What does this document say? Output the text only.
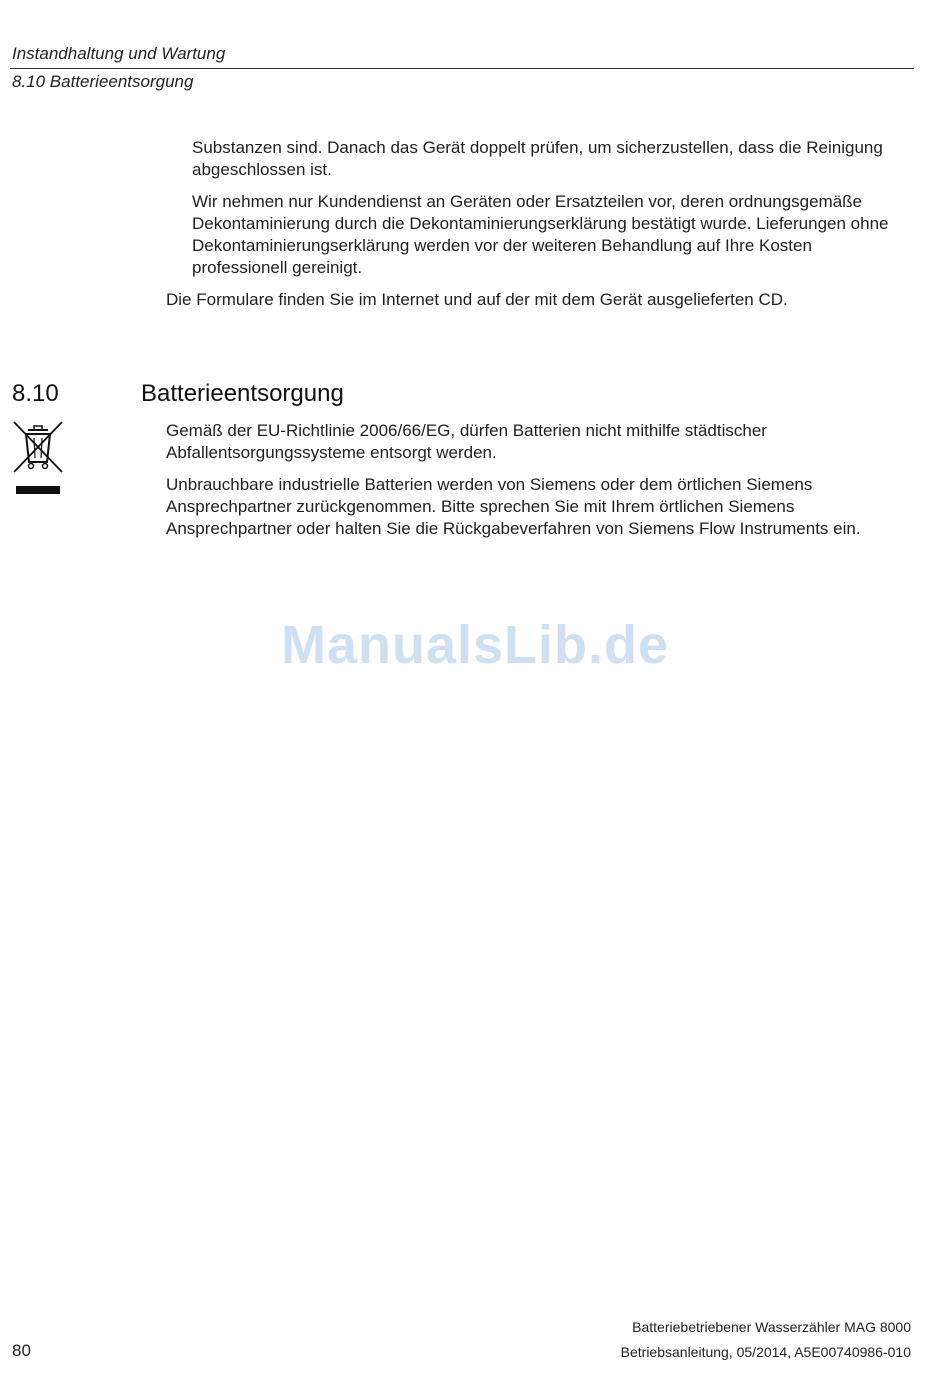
Instandhaltung und Wartung
8.10 Batterieentsorgung

Substanzen sind. Danach das Gerät doppelt prüfen, um sicherzustellen, dass die Reinigung abgeschlossen ist.

Wir nehmen nur Kundendienst an Geräten oder Ersatzteilen vor, deren ordnungsgemäße Dekontaminierung durch die Dekontaminierungserklärung bestätigt wurde. Lieferungen ohne Dekontaminierungserklärung werden vor der weiteren Behandlung auf Ihre Kosten professionell gereinigt.

Die Formulare finden Sie im Internet und auf der mit dem Gerät ausgelieferten CD.

8.10	Batterieentsorgung

Gemäß der EU-Richtlinie 2006/66/EG, dürfen Batterien nicht mithilfe städtischer Abfallentsorgungssysteme entsorgt werden.

Unbrauchbare industrielle Batterien werden von Siemens oder dem örtlichen Siemens Ansprechpartner zurückgenommen. Bitte sprechen Sie mit Ihrem örtlichen Siemens Ansprechpartner oder halten Sie die Rückgabeverfahren von Siemens Flow Instruments ein.

ManualsLib.de
Batteriebetriebener Wasserzähler MAG 8000
Betriebsanleitung, 05/2014, A5E00740986-010
80
